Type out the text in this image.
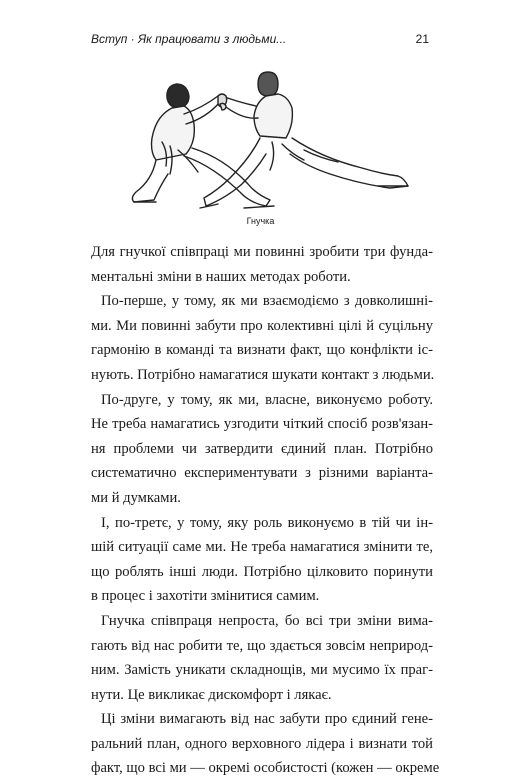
Вступ · Як працювати з людьми...	21
Гнучка
Для гнучкої співпраці ми повинні зробити три фунда-
ментальні зміни в наших методах роботи.
По-перше, у тому, як ми взаємодіємо з довколишні-
ми. Ми повинні забути про колективні цілі й суцільну
гармонію в команді та визнати факт, що конфлікти іс-
нують. Потрібно намагатися шукати контакт з людьми.
По-друге, у тому, як ми, власне, виконуємо роботу.
Не треба намагатись узгодити чіткий спосіб розв'язан-
ня проблеми чи затвердити єдиний план. Потрібно
систематично експериментувати з різними варіанта-
ми й думками.
І, по-третє, у тому, яку роль виконуємо в тій чи ін-
шій ситуації саме ми. Не треба намагатися змінити те,
що роблять інші люди. Потрібно цілковито поринути
в процес і захотіти змінитися самим.
Гнучка співпраця непроста, бо всі три зміни вима-
гають від нас робити те, що здається зовсім неприрод-
ним. Замість уникати складнощів, ми мусимо їх праг-
нути. Це викликає дискомфорт і лякає.
Ці зміни вимагають від нас забути про єдиний гене-
ральний план, одного верховного лідера і визнати той
факт, що всі ми — окремі особистості (кожен — окреме
